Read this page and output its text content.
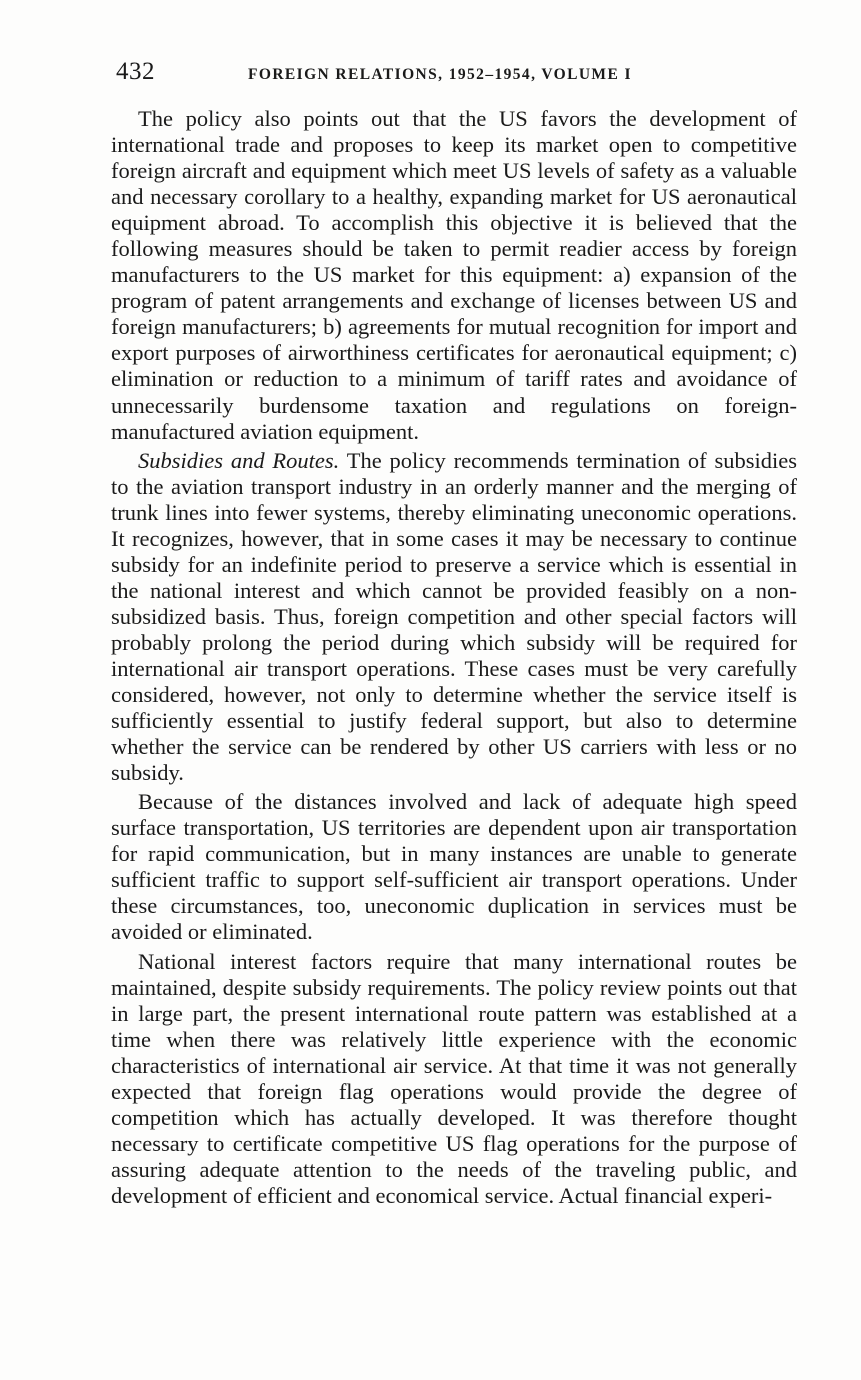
432	FOREIGN RELATIONS, 1952–1954, VOLUME I

The policy also points out that the US favors the development of international trade and proposes to keep its market open to competitive foreign aircraft and equipment which meet US levels of safety as a valuable and necessary corollary to a healthy, expanding market for US aeronautical equipment abroad. To accomplish this objective it is believed that the following measures should be taken to permit readier access by foreign manufacturers to the US market for this equipment: a) expansion of the program of patent arrangements and exchange of licenses between US and foreign manufacturers; b) agreements for mutual recognition for import and export purposes of airworthiness certificates for aeronautical equipment; c) elimination or reduction to a minimum of tariff rates and avoidance of unnecessarily burdensome taxation and regulations on foreign-manufactured aviation equipment.

Subsidies and Routes. The policy recommends termination of subsidies to the aviation transport industry in an orderly manner and the merging of trunk lines into fewer systems, thereby eliminating uneconomic operations. It recognizes, however, that in some cases it may be necessary to continue subsidy for an indefinite period to preserve a service which is essential in the national interest and which cannot be provided feasibly on a non-subsidized basis. Thus, foreign competition and other special factors will probably prolong the period during which subsidy will be required for international air transport operations. These cases must be very carefully considered, however, not only to determine whether the service itself is sufficiently essential to justify federal support, but also to determine whether the service can be rendered by other US carriers with less or no subsidy.

Because of the distances involved and lack of adequate high speed surface transportation, US territories are dependent upon air transportation for rapid communication, but in many instances are unable to generate sufficient traffic to support self-sufficient air transport operations. Under these circumstances, too, uneconomic duplication in services must be avoided or eliminated.

National interest factors require that many international routes be maintained, despite subsidy requirements. The policy review points out that in large part, the present international route pattern was established at a time when there was relatively little experience with the economic characteristics of international air service. At that time it was not generally expected that foreign flag operations would provide the degree of competition which has actually developed. It was therefore thought necessary to certificate competitive US flag operations for the purpose of assuring adequate attention to the needs of the traveling public, and development of efficient and economical service. Actual financial experi-
